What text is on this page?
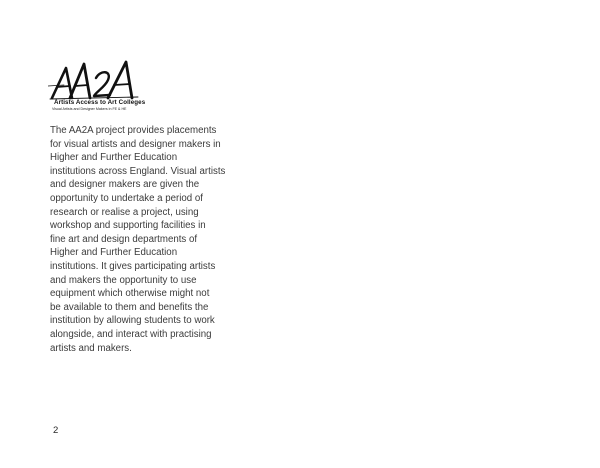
Artists Access to Art Colleges
Visual Artists and Designer Makers in FE & HE

The AA2A project provides placements
for visual artists and designer makers in
Higher and Further Education
institutions across England. Visual artists
and designer makers are given the
opportunity to undertake a period of
research or realise a project, using
workshop and supporting facilities in
fine art and design departments of
Higher and Further Education
institutions. It gives participating artists
and makers the opportunity to use
equipment which otherwise might not
be available to them and benefits the
institution by allowing students to work
alongside, and interact with practising
artists and makers.

2
